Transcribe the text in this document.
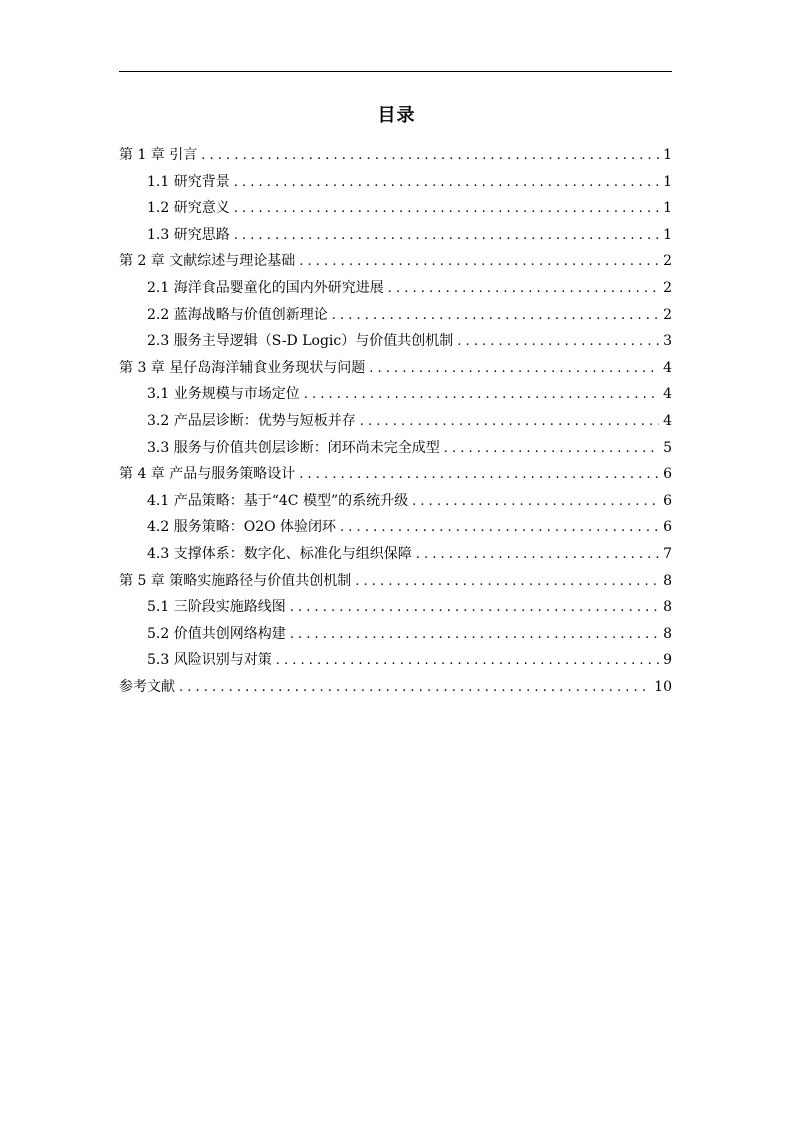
目录
第 1 章 引言 . . .	1
1.1 研究背景 . . .	1
1.2 研究意义 . . .	1
1.3 研究思路 . . .	1
第 2 章 文献综述与理论基础 . . .	2
2.1 海洋食品婴童化的国内外研究进展 . . .	2
2.2 蓝海战略与价值创新理论 . . .	2
2.3 服务主导逻辑（S-D Logic）与价值共创机制 . . .	3
第 3 章 星仔岛海洋辅食业务现状与问题 . . .	4
3.1 业务规模与市场定位 . . .	4
3.2 产品层诊断：优势与短板并存 . . .	4
3.3 服务与价值共创层诊断：闭环尚未完全成型 . . .	5
第 4 章 产品与服务策略设计 . . .	6
4.1 产品策略：基于“4C 模型”的系统升级 . . .	6
4.2 服务策略：O2O 体验闭环 . . .	6
4.3 支撑体系：数字化、标准化与组织保障 . . .	7
第 5 章 策略实施路径与价值共创机制 . . .	8
5.1 三阶段实施路线图 . . .	8
5.2 价值共创网络构建 . . .	8
5.3 风险识别与对策 . . .	9
参考文献 . . .	10
